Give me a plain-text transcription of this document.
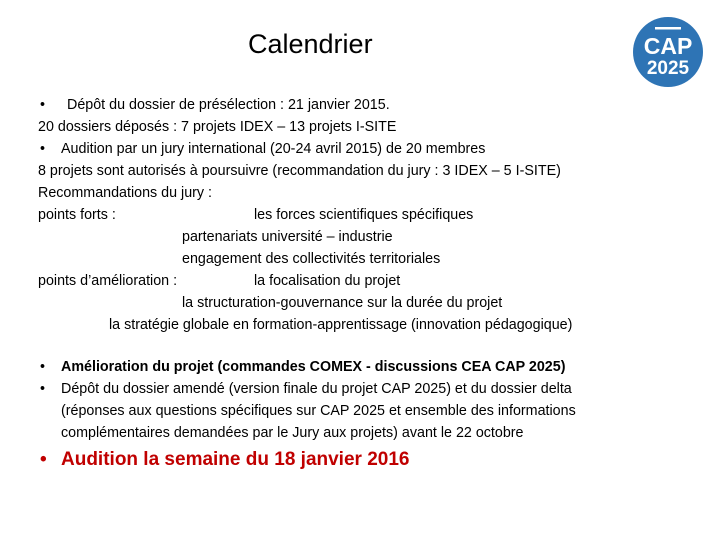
Calendrier	CAP
2025
• Dépôt du dossier de présélection : 21 janvier 2015.
20 dossiers déposés : 7 projets IDEX – 13 projets I-SITE
• Audition par un jury international (20-24 avril 2015) de 20 membres
8 projets sont autorisés à poursuivre (recommandation du jury : 3 IDEX – 5 I-SITE)
Recommandations du jury :
points forts :	les forces scientifiques spécifiques
partenariats université – industrie
engagement des collectivités territoriales
points d’amélioration :	la focalisation du projet
la structuration-gouvernance sur la durée du projet
la stratégie globale en formation-apprentissage (innovation pédagogique)
• Amélioration du projet (commandes COMEX - discussions CEA CAP 2025)
• Dépôt du dossier amendé (version finale du projet CAP 2025) et du dossier delta
(réponses aux questions spécifiques sur CAP 2025 et ensemble des informations
complémentaires demandées par le Jury aux projets) avant le 22 octobre
• Audition la semaine du 18 janvier 2016
